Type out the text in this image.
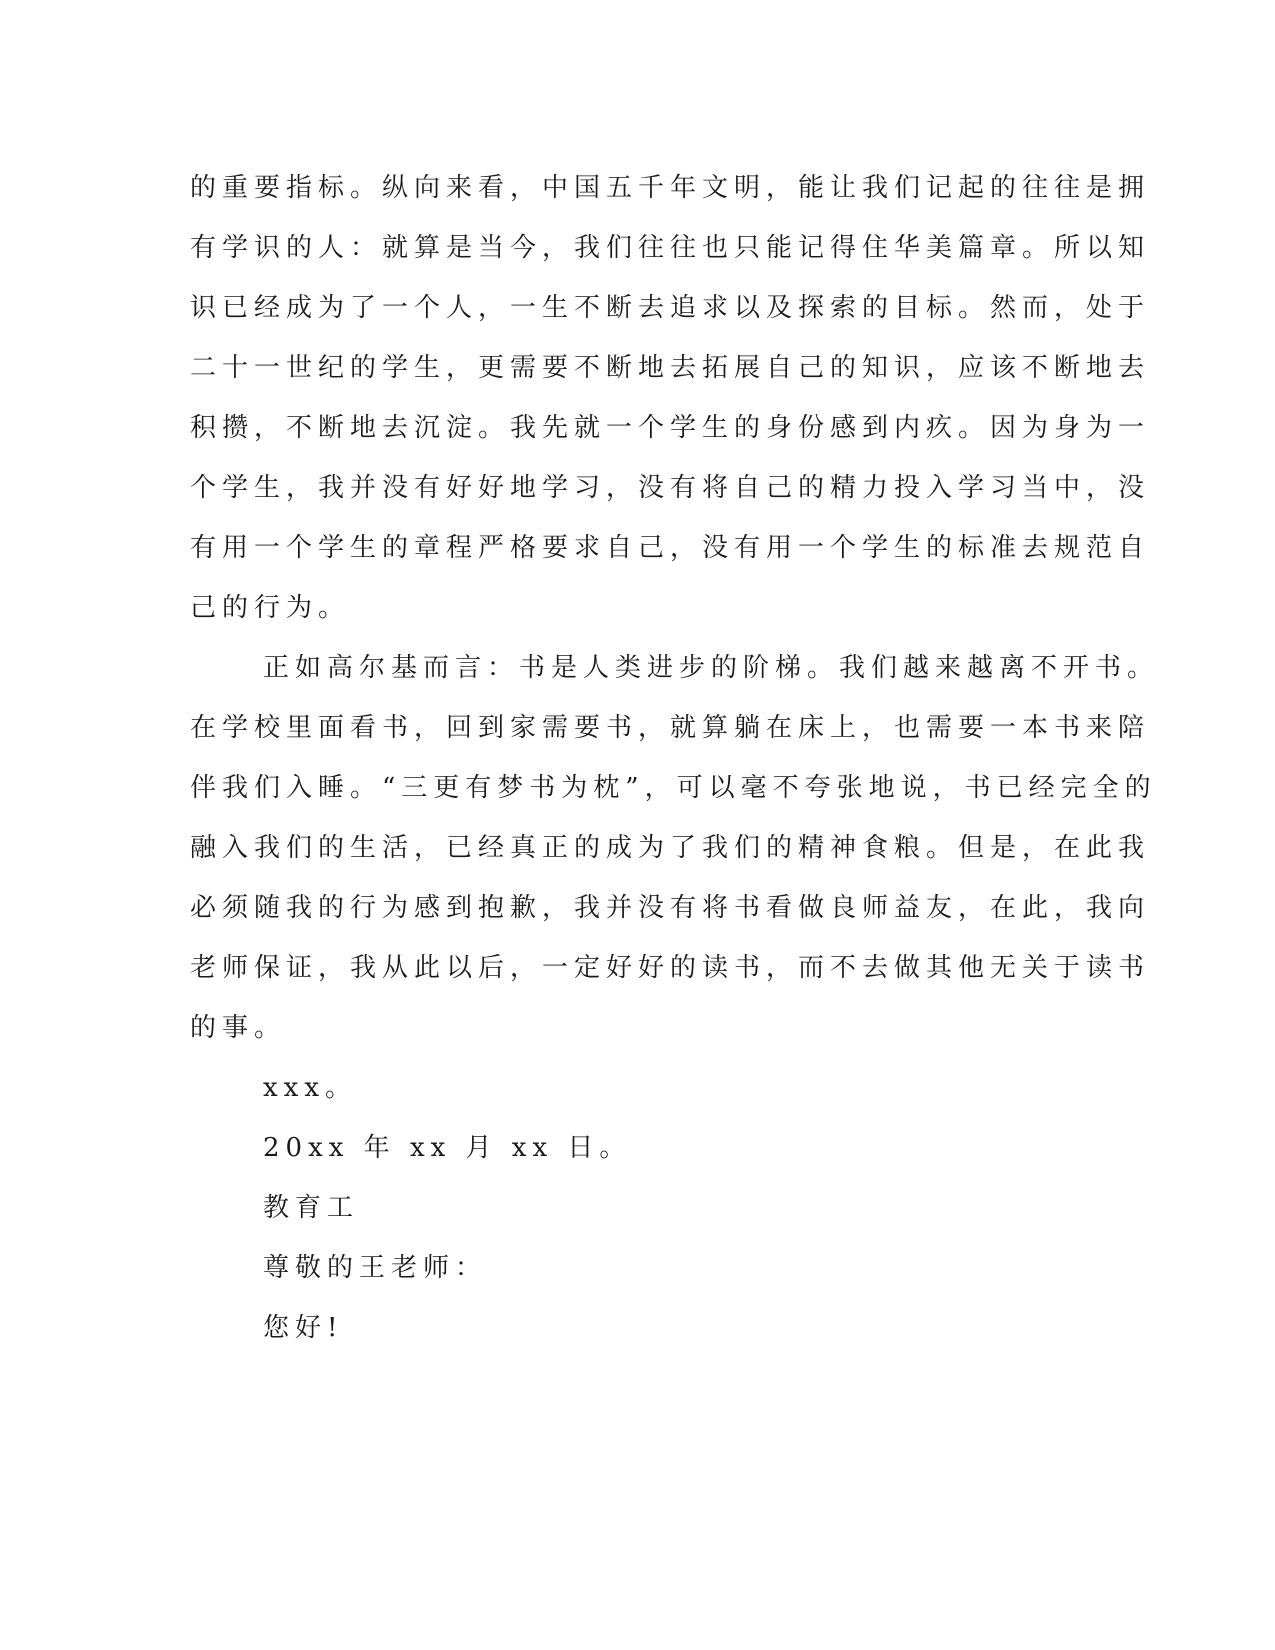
的重要指标。纵向来看，中国五千年文明，能让我们记起的往往是拥
有学识的人：就算是当今，我们往往也只能记得住华美篇章。所以知
识已经成为了一个人，一生不断去追求以及探索的目标。然而，处于
二十一世纪的学生，更需要不断地去拓展自己的知识，应该不断地去
积攒，不断地去沉淀。我先就一个学生的身份感到内疚。因为身为一
个学生，我并没有好好地学习，没有将自己的精力投入学习当中，没
有用一个学生的章程严格要求自己，没有用一个学生的标准去规范自
己的行为。
正如高尔基而言：书是人类进步的阶梯。我们越来越离不开书。
在学校里面看书，回到家需要书，就算躺在床上，也需要一本书来陪
伴我们入睡。“三更有梦书为枕”，可以毫不夸张地说，书已经完全的
融入我们的生活，已经真正的成为了我们的精神食粮。但是，在此我
必须随我的行为感到抱歉，我并没有将书看做良师益友，在此，我向
老师保证，我从此以后，一定好好的读书，而不去做其他无关于读书
的事。
xxx。
20xx 年 xx 月 xx 日。
教育工
尊敬的王老师：
您好!
